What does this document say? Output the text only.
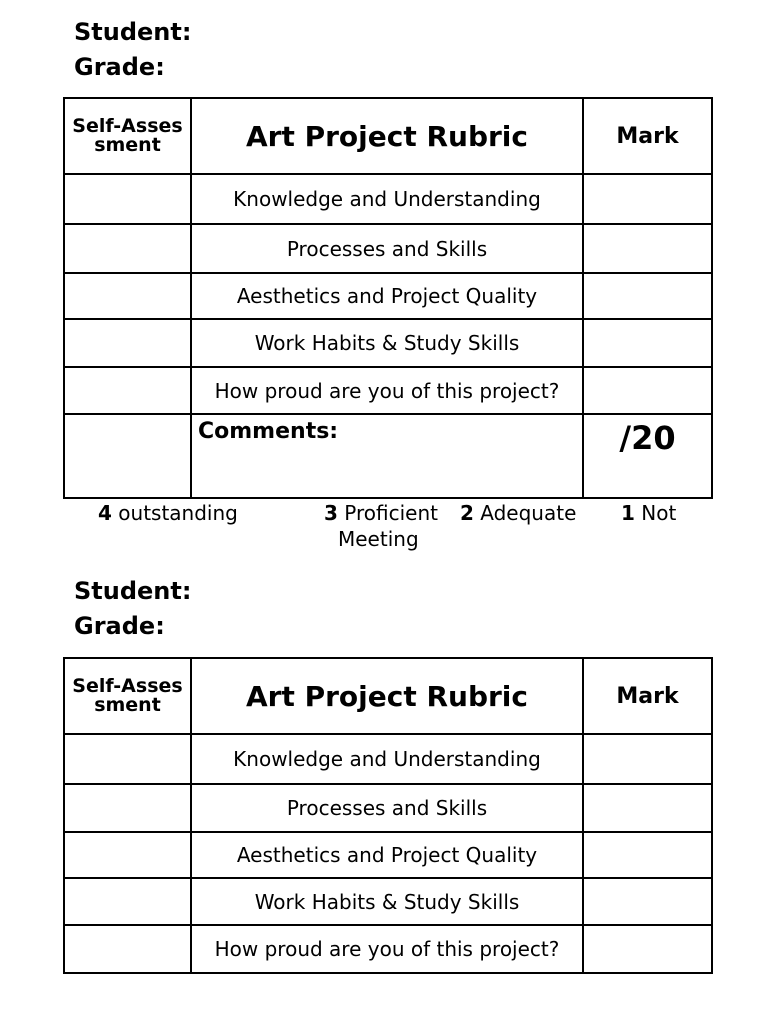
Student:

Grade:

Self-Assessment	Art Project Rubric	Mark
	Knowledge and Understanding	
	Processes and Skills	
	Aesthetics and Project Quality	
	Work Habits & Study Skills	
	How proud are you of this project?	
	Comments:	/20
4 outstanding	3 Proficient 2 Adequate 1 Not
Meeting

Student:

Grade:

Self-Assessment	Art Project Rubric	Mark
	Knowledge and Understanding	
	Processes and Skills	
	Aesthetics and Project Quality	
	Work Habits & Study Skills	
	How proud are you of this project?	
